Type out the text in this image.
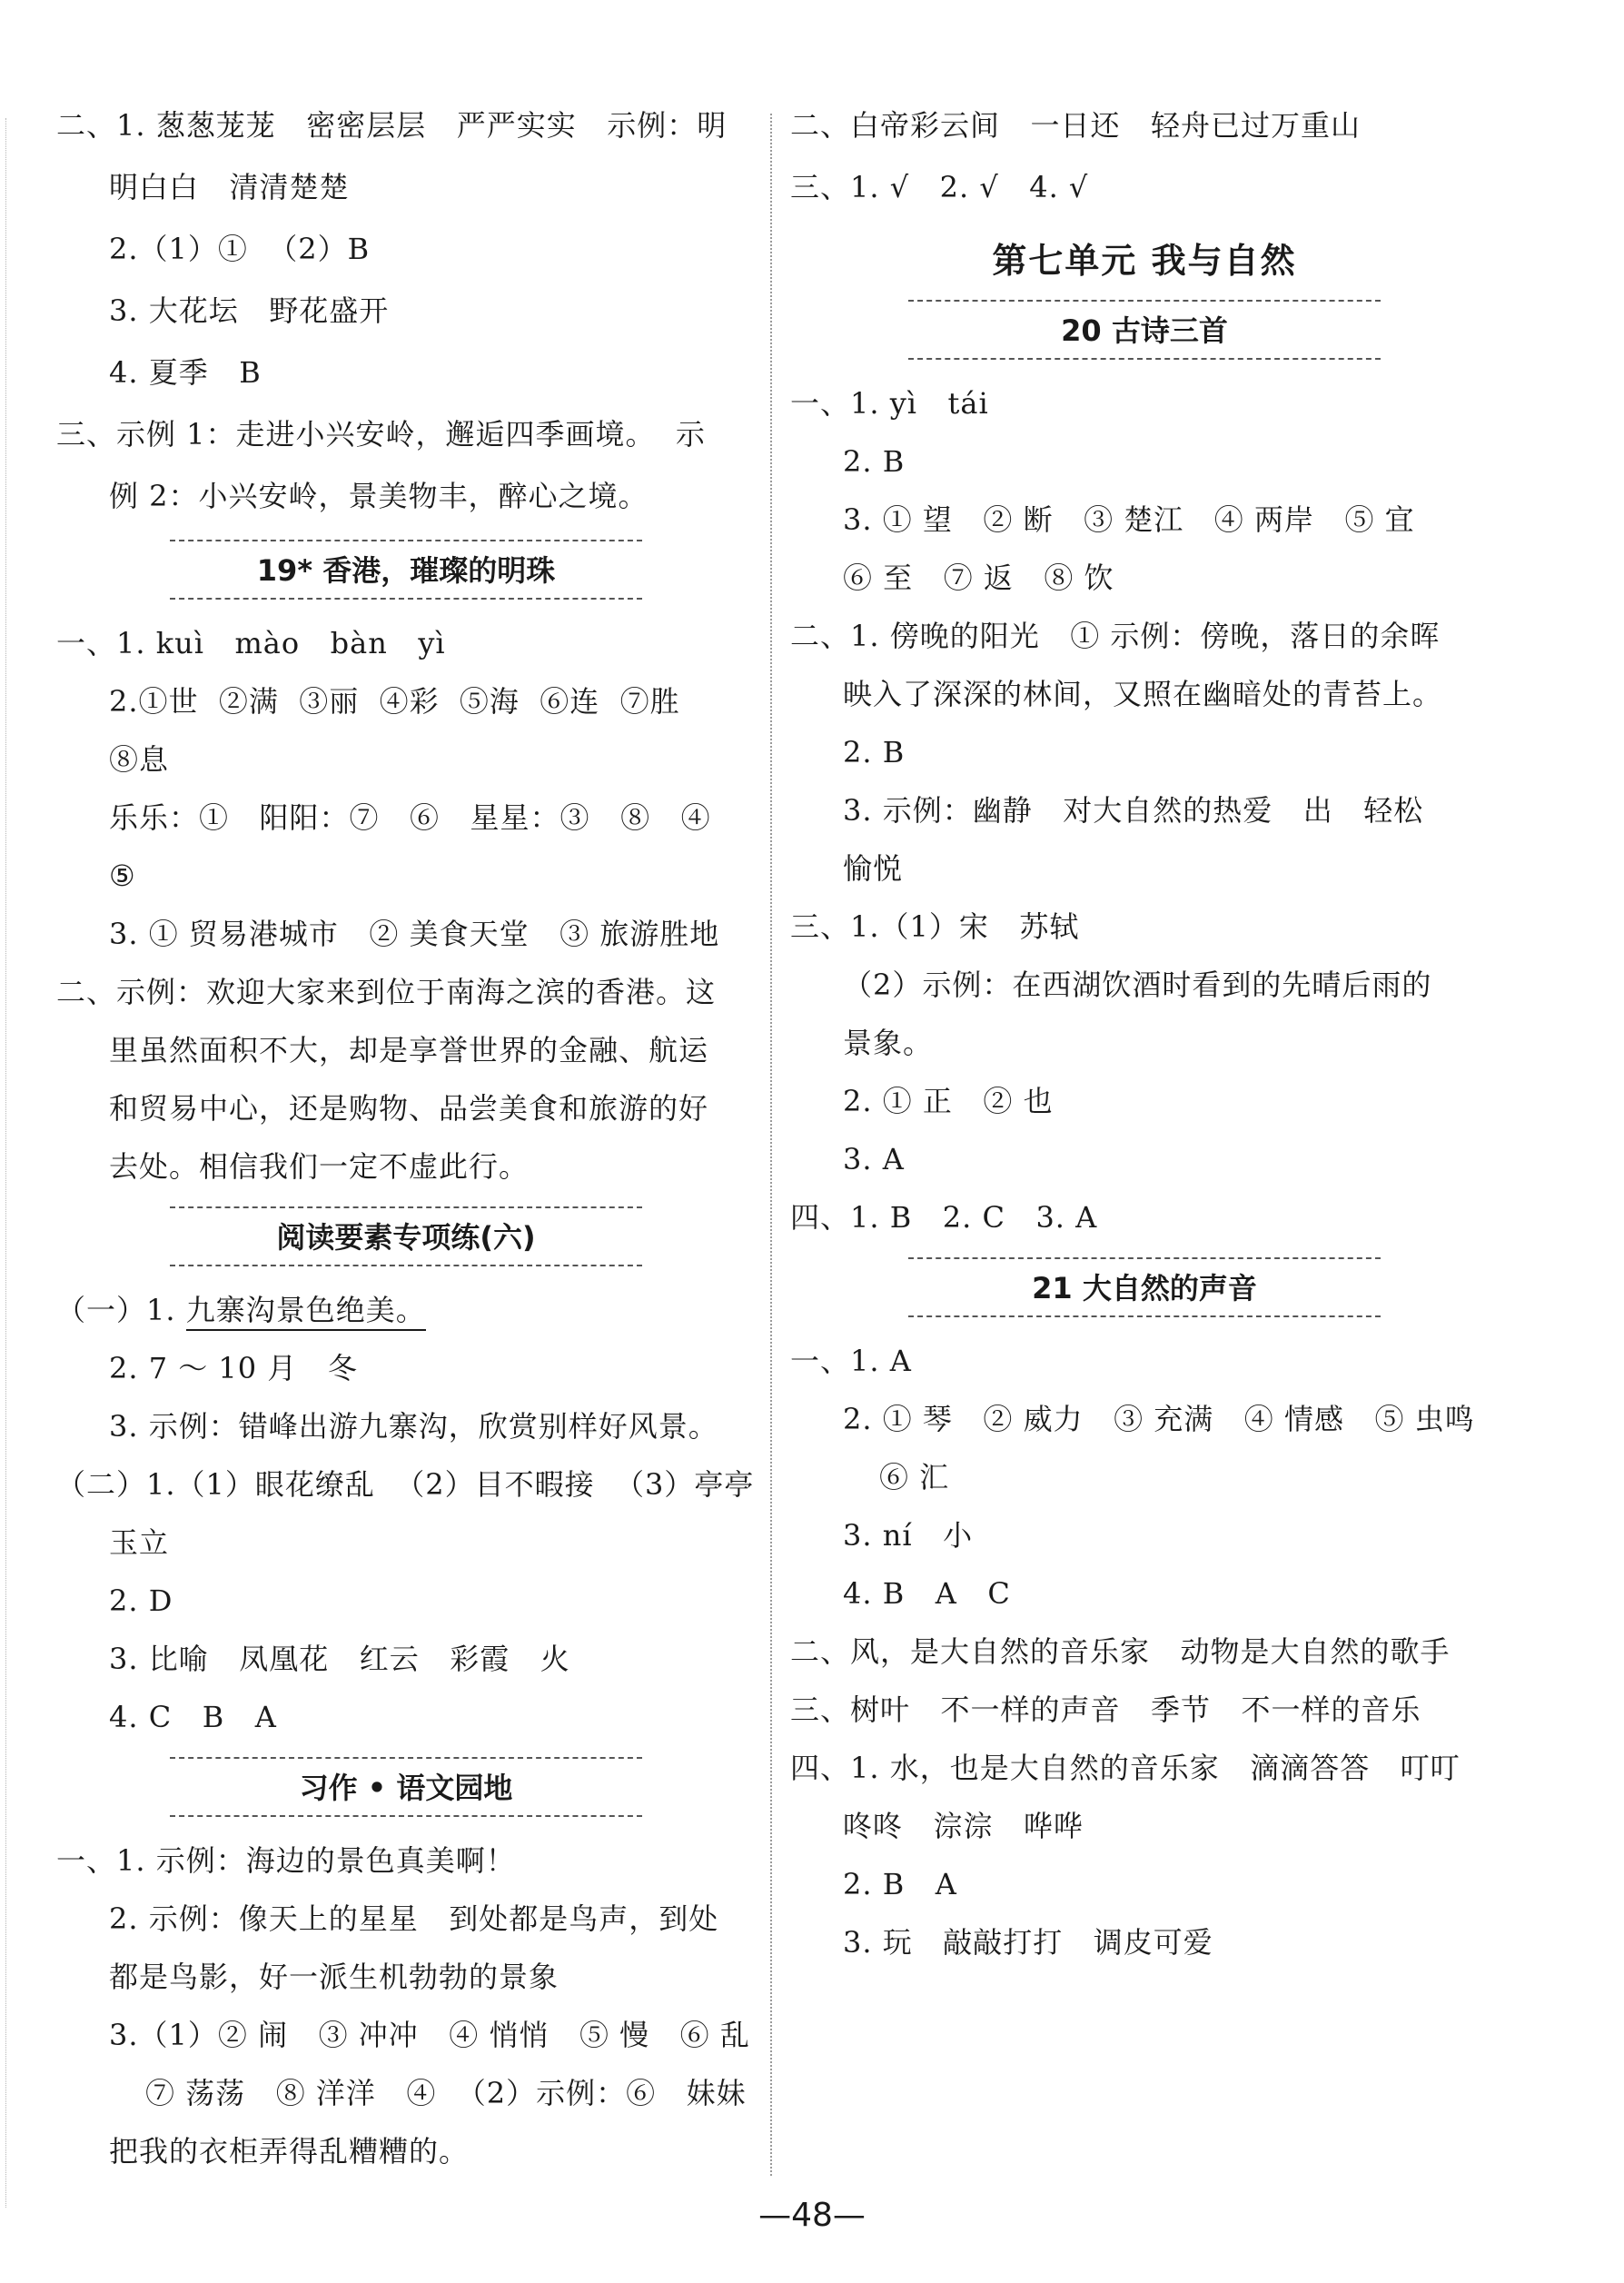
二、1. 葱葱茏茏   密密层层   严严实实   示例：明
明白白   清清楚楚
2.（1）①  （2）B
3. 大花坛   野花盛开
4. 夏季   B
三、示例 1：走进小兴安岭，邂逅四季画境。  示
例 2：小兴安岭，景美物丰，醉心之境。
19* 香港，璀璨的明珠
一、1. kuì   mào   bàn   yì
2.①世  ②满  ③丽  ④彩  ⑤海  ⑥连  ⑦胜
⑧息
乐乐：①   阳阳：⑦   ⑥   星星：③   ⑧   ④
⑤
3. ① 贸易港城市   ② 美食天堂   ③ 旅游胜地
二、示例：欢迎大家来到位于南海之滨的香港。这
里虽然面积不大，却是享誉世界的金融、航运
和贸易中心，还是购物、品尝美食和旅游的好
去处。相信我们一定不虚此行。
阅读要素专项练(六)
（一）1. 九寨沟景色绝美。
2. 7 ～ 10 月   冬
3. 示例：错峰出游九寨沟，欣赏别样好风景。
（二）1.（1）眼花缭乱  （2）目不暇接  （3）亭亭
玉立
2. D
3. 比喻   凤凰花   红云   彩霞   火
4. C   B   A
习作 • 语文园地
一、1. 示例：海边的景色真美啊！
2. 示例：像天上的星星   到处都是鸟声，到处
都是鸟影，好一派生机勃勃的景象
3.（1）② 闹   ③ 冲冲   ④ 悄悄   ⑤ 慢   ⑥ 乱
⑦ 荡荡   ⑧ 洋洋   ④  （2）示例：⑥   妹妹
把我的衣柜弄得乱糟糟的。
二、白帝彩云间   一日还   轻舟已过万重山
三、1. √   2. √   4. √
第七单元 我与自然
20 古诗三首
一、1. yì   tái
2. B
3. ① 望   ② 断   ③ 楚江   ④ 两岸   ⑤ 宜
⑥ 至   ⑦ 返   ⑧ 饮
二、1. 傍晚的阳光   ① 示例：傍晚，落日的余晖
映入了深深的林间，又照在幽暗处的青苔上。
2. B
3. 示例：幽静   对大自然的热爱   出   轻松
愉悦
三、1.（1）宋   苏轼
（2）示例：在西湖饮酒时看到的先晴后雨的
景象。
2. ① 正   ② 也
3. A
四、1. B   2. C   3. A
21 大自然的声音
一、1. A
2. ① 琴   ② 威力   ③ 充满   ④ 情感   ⑤ 虫鸣
⑥ 汇
3. ní   小
4. B   A   C
二、风，是大自然的音乐家   动物是大自然的歌手
三、树叶   不一样的声音   季节   不一样的音乐
四、1. 水，也是大自然的音乐家   滴滴答答   叮叮
咚咚   淙淙   哗哗
2. B   A
3. 玩   敲敲打打   调皮可爱
—48—
